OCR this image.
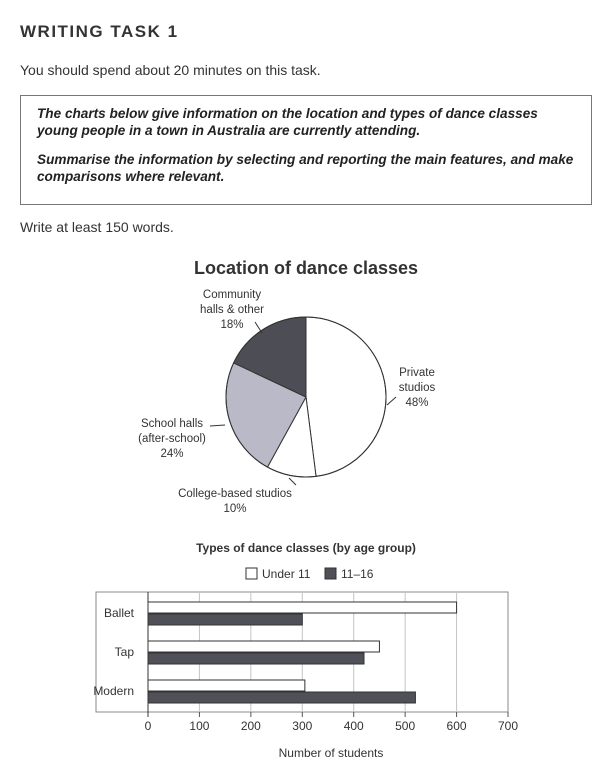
WRITING TASK 1
You should spend about 20 minutes on this task.

The charts below give information on the location and types of dance classes young people in a town in Australia are currently attending.

Summarise the information by selecting and reporting the main features, and make comparisons where relevant.

Write at least 150 words.
Location of dance classes
Private
studios
48%
College-based studios
10%
School halls
(after-school)
24%
Community
halls & other
18%
Types of dance classes (by age group)
Under 11	11–16
0	100	200	300	400	500	600	700
Ballet
Tap
Modern
Number of students
